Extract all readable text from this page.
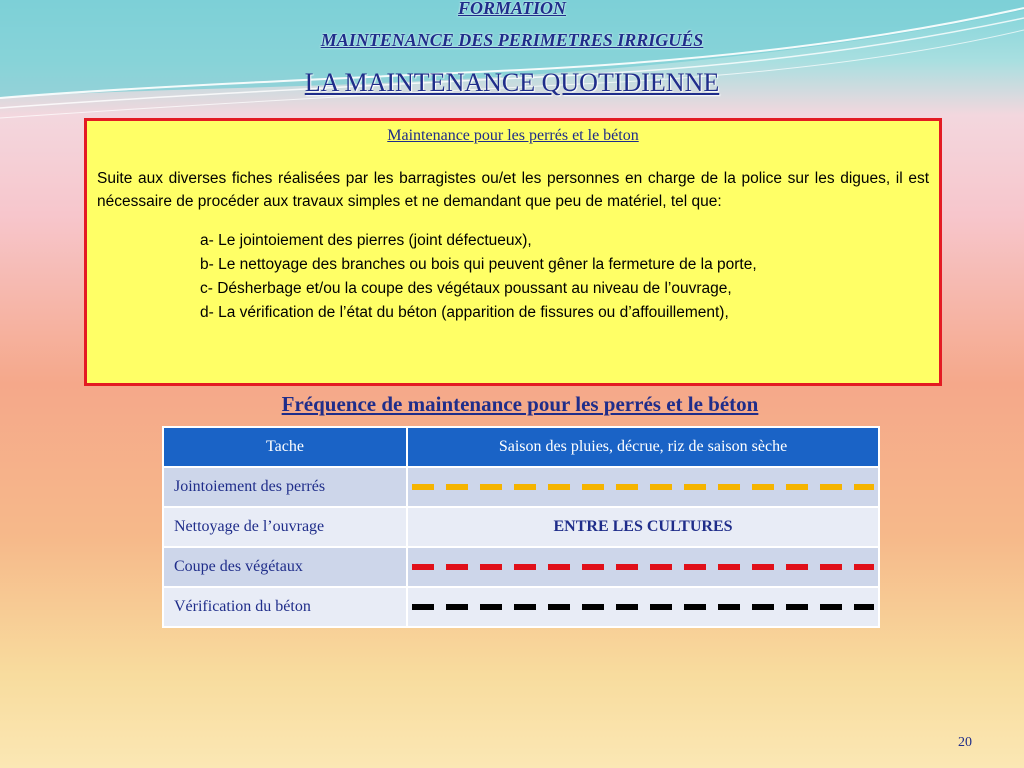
FORMATION
MAINTENANCE DES PERIMETRES IRRIGUÉS
LA MAINTENANCE QUOTIDIENNE
Maintenance pour les perrés et le béton

Suite aux diverses fiches réalisées par les barragistes ou/et les personnes en charge de la police sur les digues, il est nécessaire de procéder aux travaux simples et ne demandant que peu de matériel, tel que:

a- Le jointoiement des pierres (joint défectueux),
b- Le nettoyage des branches ou bois qui peuvent gêner la fermeture de la porte,
c- Désherbage et/ou la coupe des végétaux poussant au niveau de l’ouvrage,
d- La vérification de l’état du béton (apparition de fissures ou d’affouillement),
Fréquence de maintenance pour les perrés et le béton
Tache	Saison des pluies, décrue, riz de saison sèche
Jointoiement des perrés	

Nettoyage de l’ouvrage	ENTRE LES CULTURES
Coupe des végétaux	

Vérification du béton	
20
